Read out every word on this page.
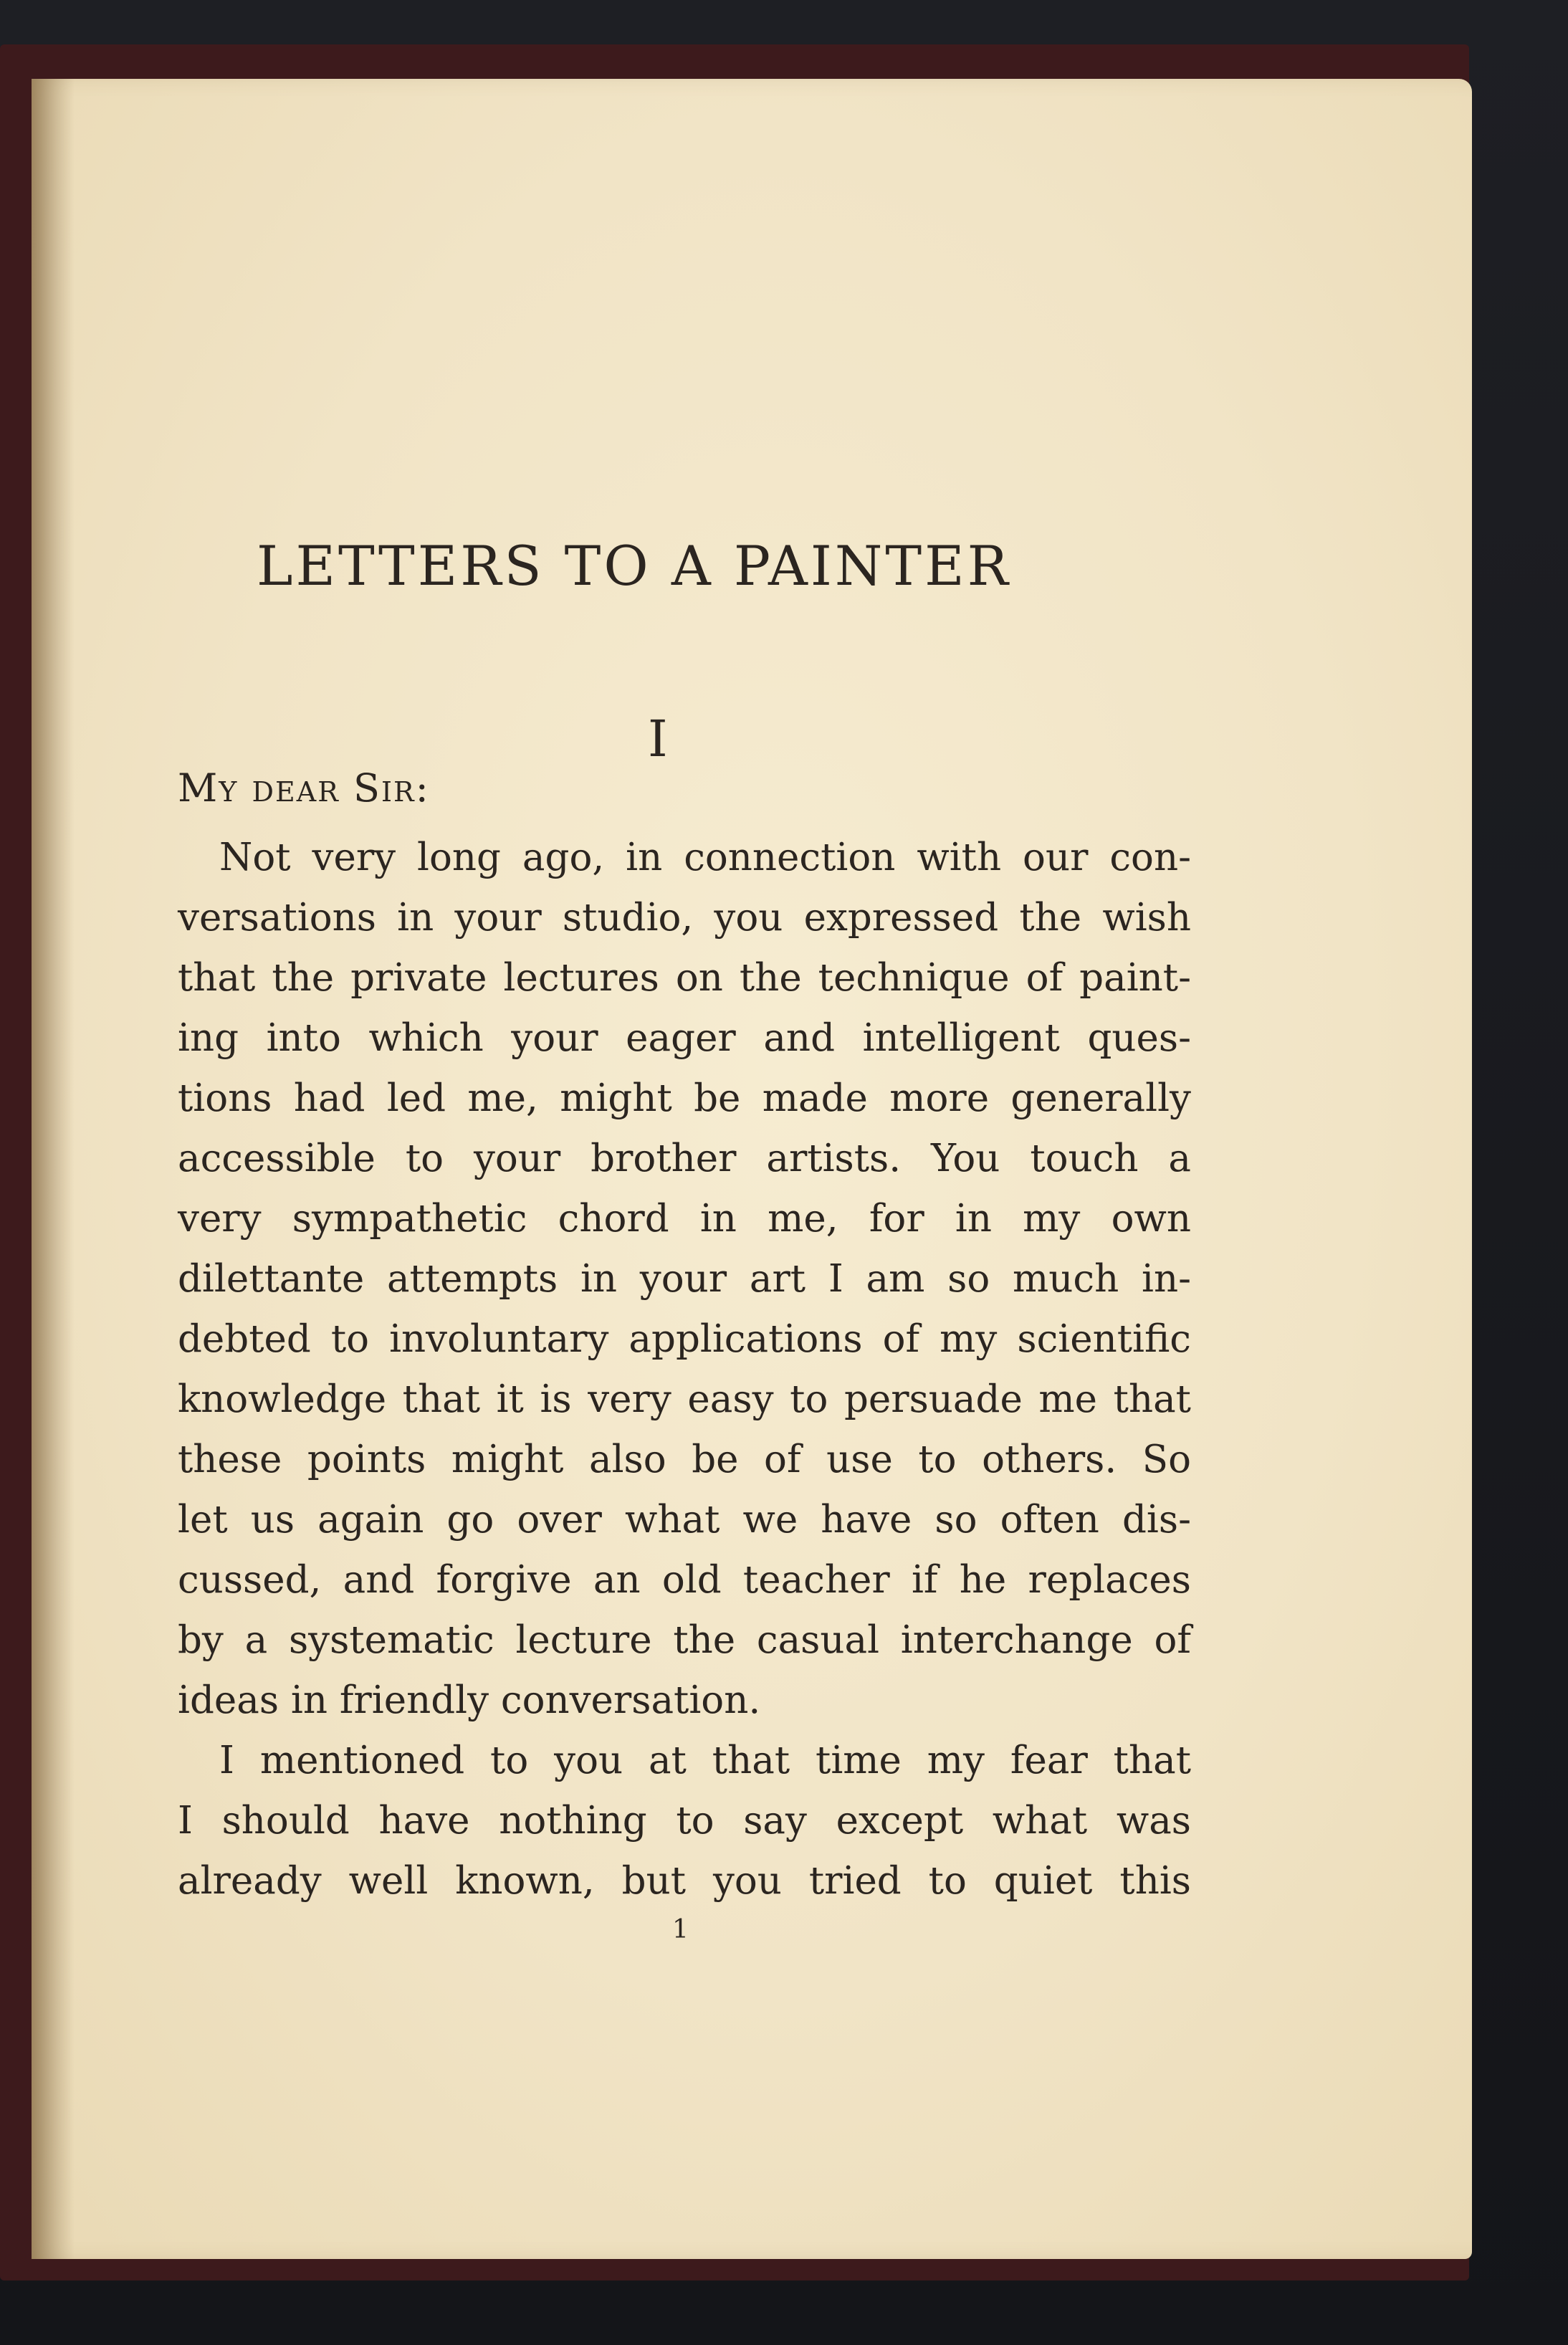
LETTERS TO A PAINTER
I

My dear Sir:

Not very long ago, in connection with our con-

versations in your studio, you expressed the wish

that the private lectures on the technique of paint-

ing into which your eager and intelligent ques-

tions had led me, might be made more generally

accessible to your brother artists. You touch a

very sympathetic chord in me, for in my own

dilettante attempts in your art I am so much in-

debted to involuntary applications of my scientific

knowledge that it is very easy to persuade me that

these points might also be of use to others. So

let us again go over what we have so often dis-

cussed, and forgive an old teacher if he replaces

by a systematic lecture the casual interchange of

ideas in friendly conversation.

I mentioned to you at that time my fear that

I should have nothing to say except what was

already well known, but you tried to quiet this

1
